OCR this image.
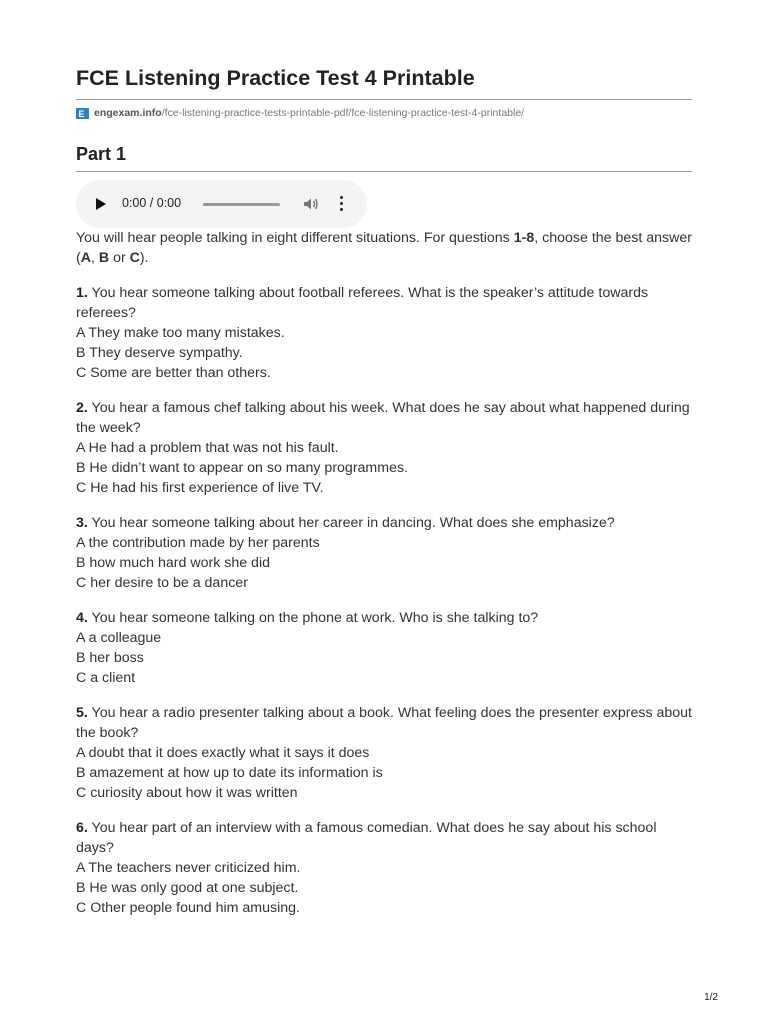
FCE Listening Practice Test 4 Printable
E engexam.info /fce-listening-practice-tests-printable-pdf/fce-listening-practice-test-4-printable/
Part 1
0:00 / 0:00

You will hear people talking in eight different situations. For questions 1-8, choose the best answer (A, B or C).

1. You hear someone talking about football referees. What is the speaker’s attitude towards referees?

A They make too many mistakes.

B They deserve sympathy.

C Some are better than others.

2. You hear a famous chef talking about his week. What does he say about what happened during the week?

A He had a problem that was not his fault.

B He didn’t want to appear on so many programmes.

C He had his first experience of live TV.

3. You hear someone talking about her career in dancing. What does she emphasize?

A the contribution made by her parents

B how much hard work she did

C her desire to be a dancer

4. You hear someone talking on the phone at work. Who is she talking to?

A a colleague

B her boss

C a client

5. You hear a radio presenter talking about a book. What feeling does the presenter express about the book?

A doubt that it does exactly what it says it does

B amazement at how up to date its information is

C curiosity about how it was written

6. You hear part of an interview with a famous comedian. What does he say about his school days?

A The teachers never criticized him.

B He was only good at one subject.

C Other people found him amusing.

1/2
